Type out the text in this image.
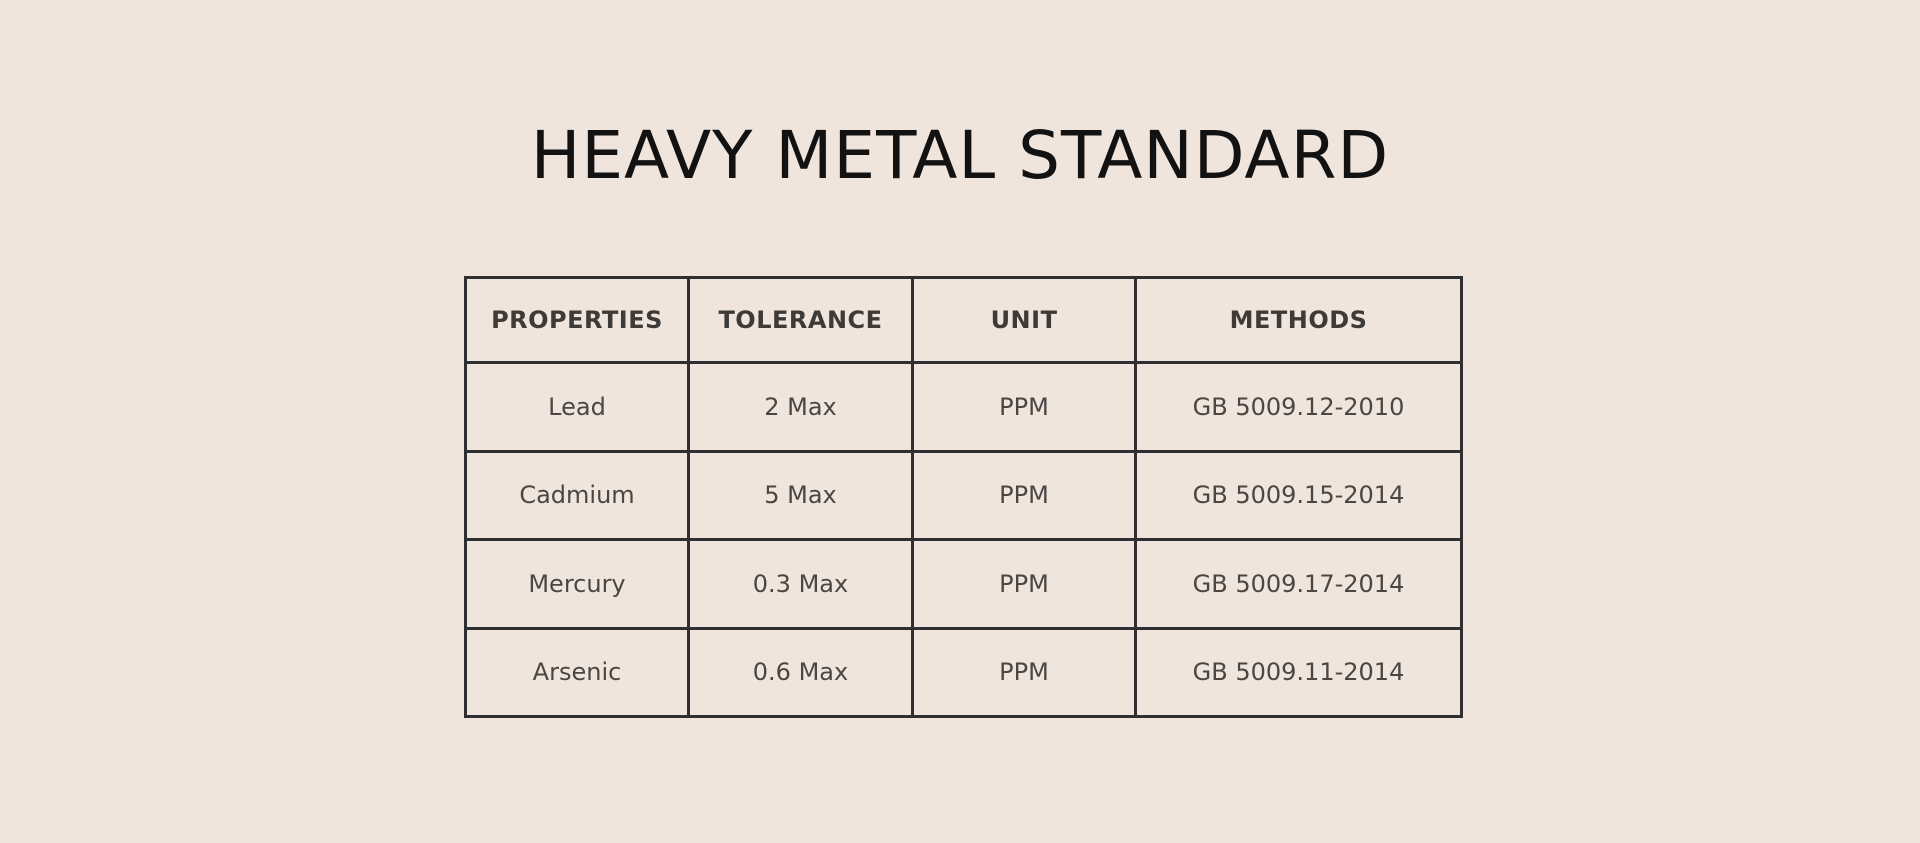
HEAVY METAL STANDARD
PROPERTIES	TOLERANCE	UNIT	METHODS
Lead	2 Max	PPM	GB 5009.12-2010
Cadmium	5 Max	PPM	GB 5009.15-2014
Mercury	0.3 Max	PPM	GB 5009.17-2014
Arsenic	0.6 Max	PPM	GB 5009.11-2014
